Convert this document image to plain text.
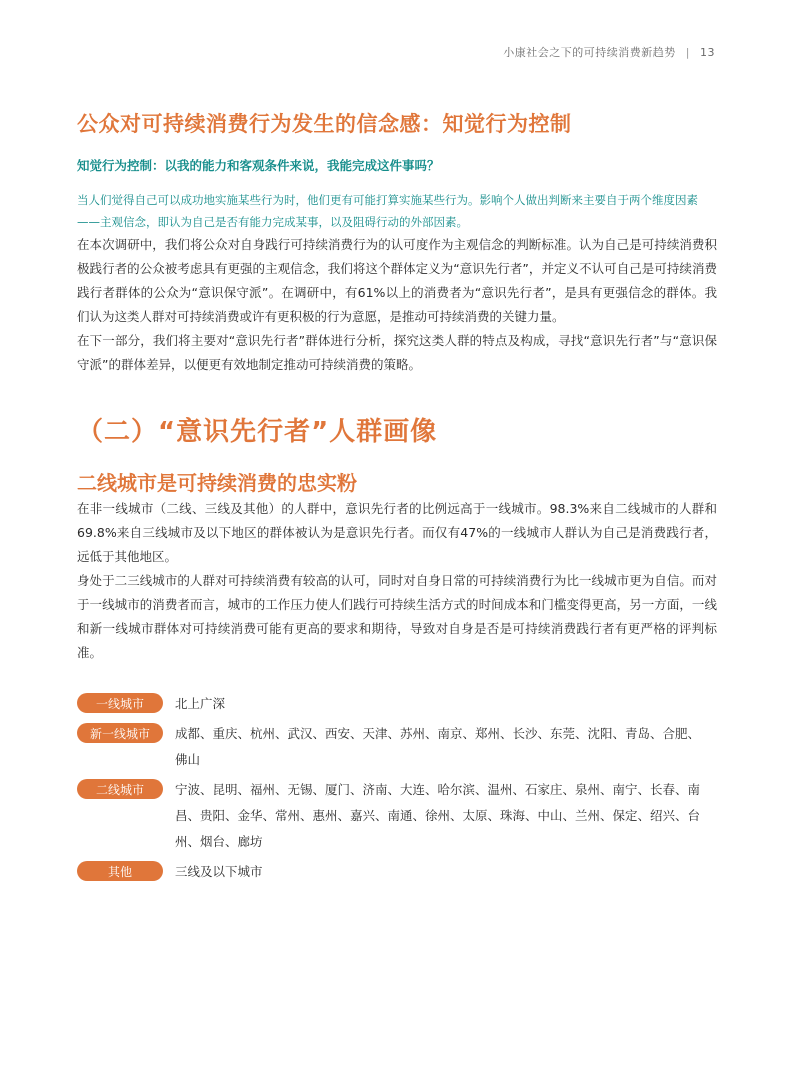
小康社会之下的可持续消费新趋势 | 13
公众对可持续消费行为发生的信念感：知觉行为控制
知觉行为控制：以我的能力和客观条件来说，我能完成这件事吗？
当人们觉得自己可以成功地实施某些行为时，他们更有可能打算实施某些行为。影响个人做出判断来主要自于两个维度因素——主观信念，即认为自己是否有能力完成某事，以及阻碍行动的外部因素。

在本次调研中，我们将公众对自身践行可持续消费行为的认可度作为主观信念的判断标准。认为自己是可持续消费积极践行者的公众被考虑具有更强的主观信念，我们将这个群体定义为“意识先行者”，并定义不认可自己是可持续消费践行者群体的公众为“意识保守派”。在调研中，有61%以上的消费者为“意识先行者”，是具有更强信念的群体。我们认为这类人群对可持续消费或许有更积极的行为意愿，是推动可持续消费的关键力量。

在下一部分，我们将主要对“意识先行者”群体进行分析，探究这类人群的特点及构成，寻找“意识先行者”与“意识保守派”的群体差异，以便更有效地制定推动可持续消费的策略。

（二）“意识先行者”人群画像
二线城市是可持续消费的忠实粉

在非一线城市（二线、三线及其他）的人群中，意识先行者的比例远高于一线城市。98.3%来自二线城市的人群和69.8%来自三线城市及以下地区的群体被认为是意识先行者。而仅有47%的一线城市人群认为自己是消费践行者，远低于其他地区。

身处于二三线城市的人群对可持续消费有较高的认可，同时对自身日常的可持续消费行为比一线城市更为自信。而对于一线城市的消费者而言，城市的工作压力使人们践行可持续生活方式的时间成本和门槛变得更高，另一方面，一线和新一线城市群体对可持续消费可能有更高的要求和期待，导致对自身是否是可持续消费践行者有更严格的评判标准。

一线城市	北上广深
新一线城市	成都、重庆、杭州、武汉、西安、天津、苏州、南京、郑州、长沙、东莞、沈阳、青岛、合肥、佛山
二线城市	宁波、昆明、福州、无锡、厦门、济南、大连、哈尔滨、温州、石家庄、泉州、南宁、长春、南昌、贵阳、金华、常州、惠州、嘉兴、南通、徐州、太原、珠海、中山、兰州、保定、绍兴、台州、烟台、廊坊
其他	三线及以下城市
